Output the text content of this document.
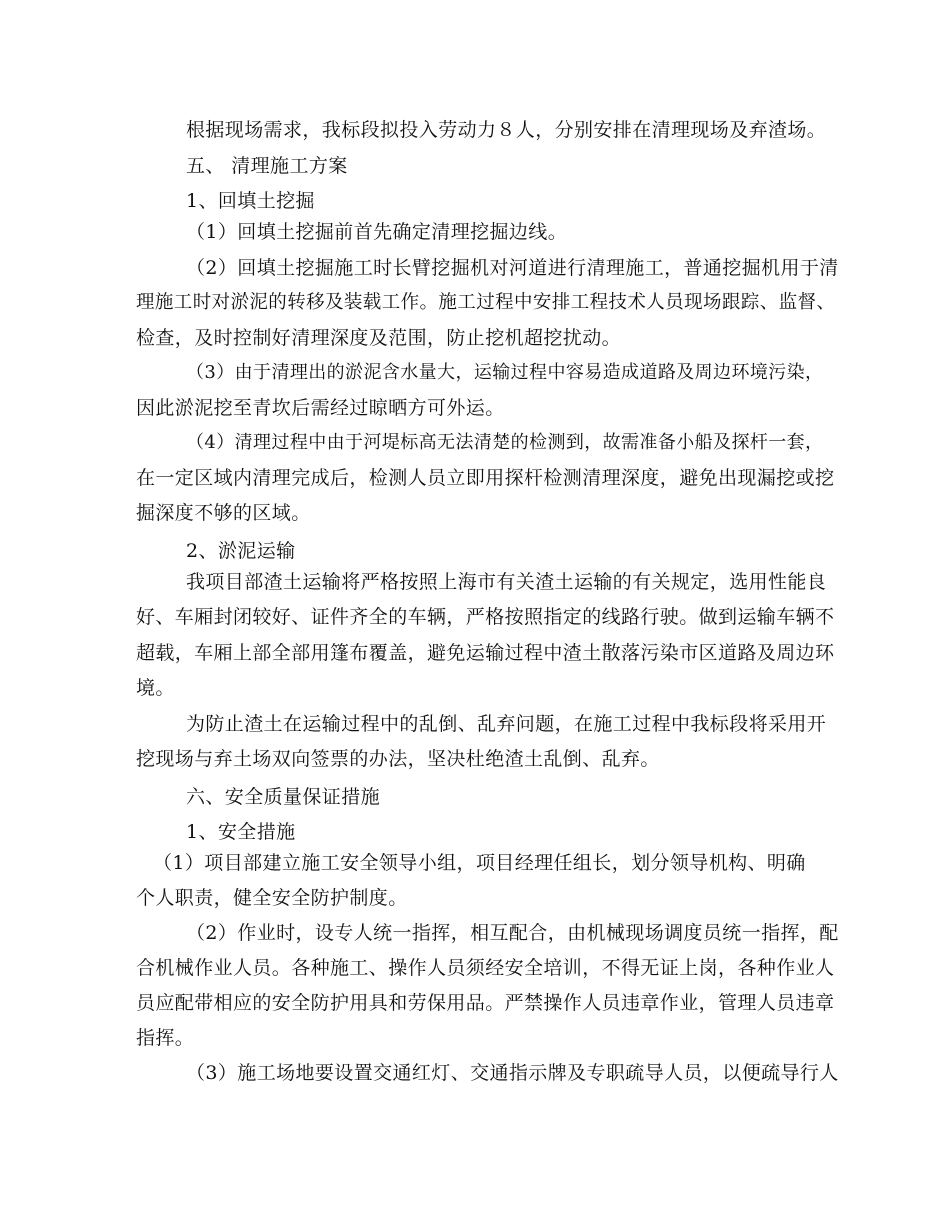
根据现场需求，我标段拟投入劳动力８人，分别安排在清理现场及弃渣场。
五、 清理施工方案
1、回填土挖掘
（1）回填土挖掘前首先确定清理挖掘边线。
（2）回填土挖掘施工时长臂挖掘机对河道进行清理施工，普通挖掘机用于清
理施工时对淤泥的转移及装载工作。施工过程中安排工程技术人员现场跟踪、监督、
检查，及时控制好清理深度及范围，防止挖机超挖扰动。
（3）由于清理出的淤泥含水量大，运输过程中容易造成道路及周边环境污染，
因此淤泥挖至青坎后需经过晾晒方可外运。
（4）清理过程中由于河堤标高无法清楚的检测到，故需准备小船及探杆一套，
在一定区域内清理完成后，检测人员立即用探杆检测清理深度，避免出现漏挖或挖
掘深度不够的区域。
2、淤泥运输
我项目部渣土运输将严格按照上海市有关渣土运输的有关规定，选用性能良
好、车厢封闭较好、证件齐全的车辆，严格按照指定的线路行驶。做到运输车辆不
超载，车厢上部全部用篷布覆盖，避免运输过程中渣土散落污染市区道路及周边环
境。
为防止渣土在运输过程中的乱倒、乱弃问题，在施工过程中我标段将采用开
挖现场与弃土场双向签票的办法，坚决杜绝渣土乱倒、乱弃。
六、安全质量保证措施
1、安全措施
（1）项目部建立施工安全领导小组，项目经理任组长，划分领导机构、明确
个人职责，健全安全防护制度。
（2）作业时，设专人统一指挥，相互配合，由机械现场调度员统一指挥，配
合机械作业人员。各种施工、操作人员须经安全培训，不得无证上岗，各种作业人
员应配带相应的安全防护用具和劳保用品。严禁操作人员违章作业，管理人员违章
指挥。
（3）施工场地要设置交通红灯、交通指示牌及专职疏导人员，以便疏导行人
